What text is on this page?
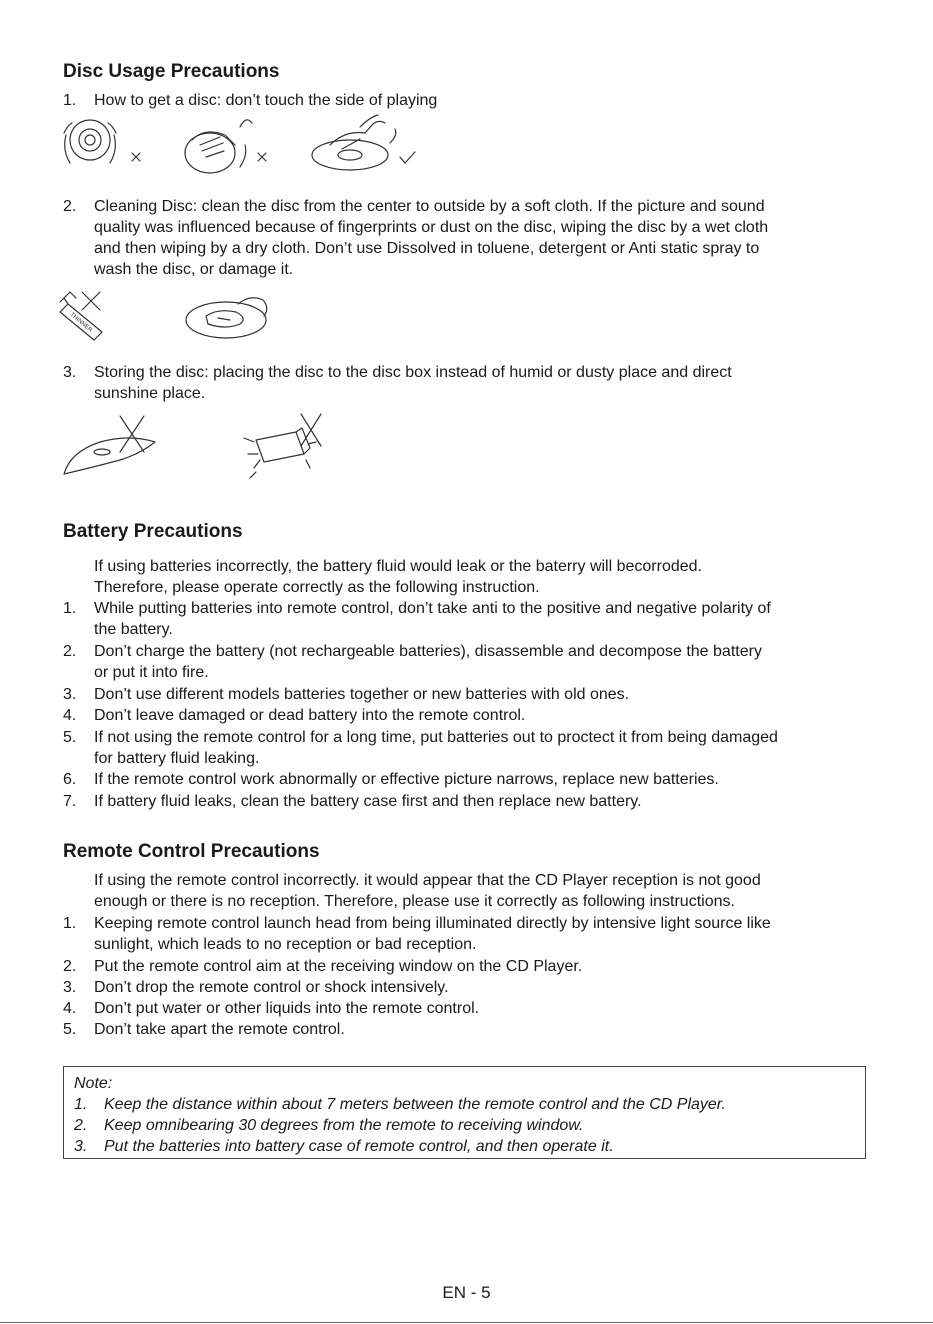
Disc Usage Precautions
1. How to get a disc: don’t touch the side of playing
2. Cleaning Disc: clean the disc from the center to outside by a soft cloth. If the picture and sound
quality was influenced because of fingerprints or dust on the disc, wiping the disc by a wet cloth
and then wiping by a dry cloth. Don’t use Dissolved in toluene, detergent or Anti static spray to
wash the disc, or damage it.
THINNER
3. Storing the disc: placing the disc to the disc box instead of humid or dusty place and direct
sunshine place.
Battery Precautions
If using batteries incorrectly, the battery fluid would leak or the baterry will becorroded.
Therefore, please operate correctly as the following instruction.
1. While putting batteries into remote control, don’t take anti to the positive and negative polarity of
the battery.
2. Don’t charge the battery (not rechargeable batteries), disassemble and decompose the battery
or put it into fire.
3. Don’t use different models batteries together or new batteries with old ones.
4. Don’t leave damaged or dead battery into the remote control.
5. If not using the remote control for a long time, put batteries out to proctect it from being damaged
for battery fluid leaking.
6. If the remote control work abnormally or effective picture narrows, replace new batteries.
7. If battery fluid leaks, clean the battery case first and then replace new battery.
Remote Control Precautions
If using the remote control incorrectly. it would appear that the CD Player reception is not good
enough or there is no reception. Therefore, please use it correctly as following instructions.
1. Keeping remote control launch head from being illuminated directly by intensive light source like
sunlight, which leads to no reception or bad reception.
2. Put the remote control aim at the receiving window on the CD Player.
3. Don’t drop the remote control or shock intensively.
4. Don’t put water or other liquids into the remote control.
5. Don’t take apart the remote control.
Note:
1. Keep the distance within about 7 meters between the remote control and the CD Player.
2. Keep omnibearing 30 degrees from the remote to receiving window.
3. Put the batteries into battery case of remote control, and then operate it.
EN - 5
